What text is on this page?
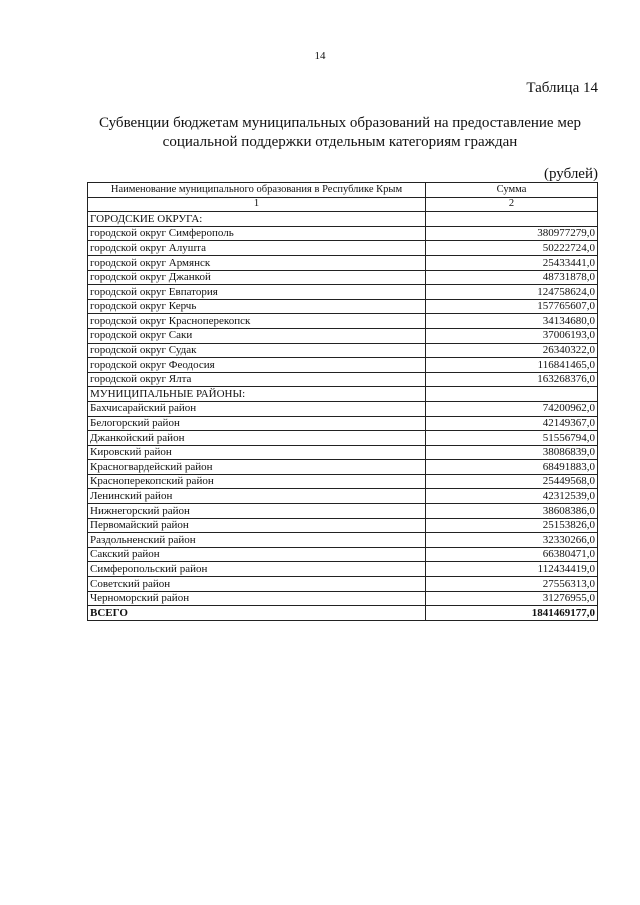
14
Таблица 14
Субвенции бюджетам муниципальных образований на предоставление мер
социальной поддержки отдельным категориям граждан
(рублей)
Наименование муниципального образования в Республике Крым	Сумма
1	2
ГОРОДСКИЕ ОКРУГА:	
городской округ Симферополь	380977279,0
городской округ Алушта	50222724,0
городской округ Армянск	25433441,0
городской округ Джанкой	48731878,0
городской округ Евпатория	124758624,0
городской округ Керчь	157765607,0
городской округ Красноперекопск	34134680,0
городской округ Саки	37006193,0
городской округ Судак	26340322,0
городской округ Феодосия	116841465,0
городской округ Ялта	163268376,0
МУНИЦИПАЛЬНЫЕ РАЙОНЫ:	
Бахчисарайский район	74200962,0
Белогорский район	42149367,0
Джанкойский район	51556794,0
Кировский район	38086839,0
Красногвардейский район	68491883,0
Красноперекопский район	25449568,0
Ленинский район	42312539,0
Нижнегорский район	38608386,0
Первомайский район	25153826,0
Раздольненский район	32330266,0
Сакский район	66380471,0
Симферопольский район	112434419,0
Советский район	27556313,0
Черноморский район	31276955,0
ВСЕГО	1841469177,0
